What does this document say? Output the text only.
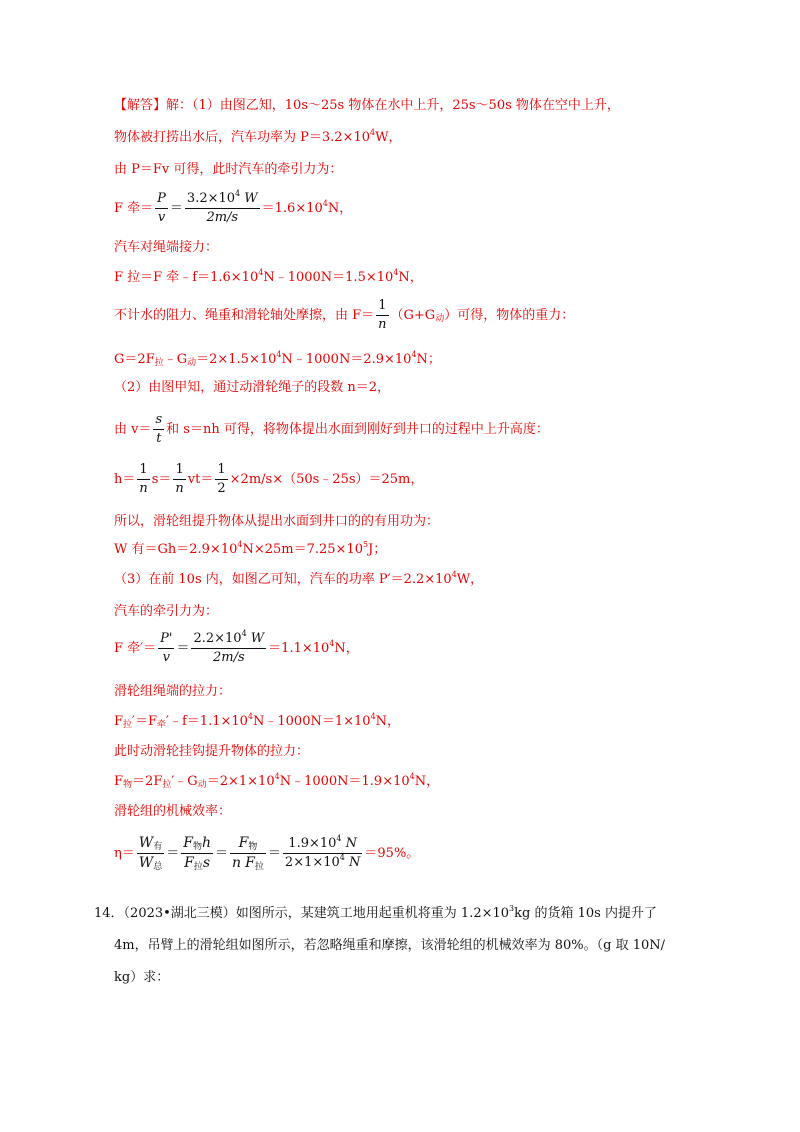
【解答】解：（1）由图乙知，10s～25s 物体在水中上升，25s～50s 物体在空中上升，
物体被打捞出水后，汽车功率为 $P=3.2\times 10^4W$，
由 P＝Fv 可得，此时汽车的牵引力为：
F 牵＝ $\frac{P}{v} = \frac{3.2\times 10^4 W}{2m/s} =1.6\times 10^4N$，
汽车对绳端接力：
F 拉＝F 牵$﹣f=1.6\times 10^4N﹣1000N=1.5\times 10^4N$，
不计水的阻力、绳重和滑轮轴处摩擦，由 $F= \frac{1}{n} (G+G_动)$可得，物体的重力：
$G=2F_拉﹣G_动=2\times 1.5\times 10^4N﹣1000N=2.9\times 10^4N$；
（2）由图甲知，通过动滑轮绳子的段数 n＝2，
由 $v= \frac{s}{t}$ 和 s＝nh 可得，将物体提出水面到刚好到井口的过程中上升高度：
$h= \frac{1}{n} s= \frac{1}{n} vt= \frac{1}{2}$ ×2m/s×（50s﹣25s）＝25m，
所以，滑轮组提升物体从提出水面到井口的的有用功为：
W 有$=Gh=2.9\times 10^4N\times 25m=7.25\times 10^5J$；
（3）在前 10s 内，如图乙可知，汽车的功率 $P'=2.2\times 10^4W$，
汽车的牵引力为：
F 牵′＝ $\frac{P'}{v} = \frac{2.2\times 10^4 W}{2m/s} =1.1\times 10^4N$，
滑轮组绳端的拉力：
$F_拉'=F_牵'﹣f=1.1\times 10^4N﹣1000N=1\times 10^4N$，
此时动滑轮挂钩提升物体的拉力：
$F_物=2F_拉'﹣G_动=2\times 1\times 10^4N﹣1000N=1.9\times 10^4N$，
滑轮组的机械效率：
$\eta= \frac{W_有}{W_总} = \frac{F_物h}{F_拉s} = \frac{F_物}{n F_拉} = \frac{1.9\times 10^4 N}{2\times 1\times 10^4 N} =95\%$。
14．（2023•湖北三模）如图所示，某建筑工地用起重机将重为 $1.2\times 10^3kg$ 的货箱 10s 内提升了
4m，吊臂上的滑轮组如图所示，若忽略绳重和摩擦，该滑轮组的机械效率为 80%。（g 取 10N/
kg）求：
